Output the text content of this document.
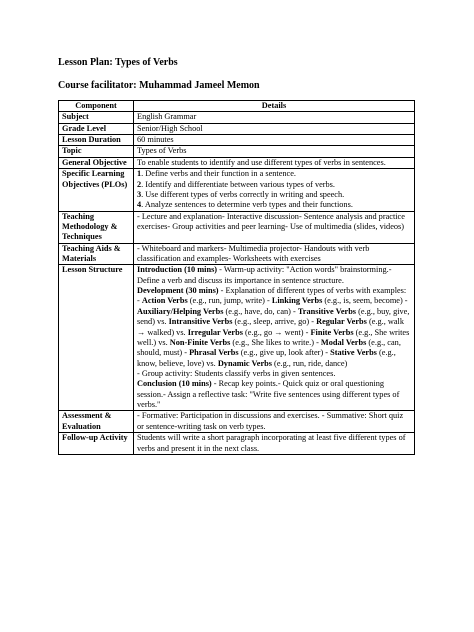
Lesson Plan: Types of Verbs

Course facilitator: Muhammad Jameel Memon

Component	Details
Subject	English Grammar
Grade Level	Senior/High School
Lesson Duration	60 minutes
Topic	Types of Verbs
General Objective	To enable students to identify and use different types of verbs in sentences.
Specific Learning Objectives (PLOs)	1. Define verbs and their function in a sentence.
2. Identify and differentiate between various types of verbs.
3. Use different types of verbs correctly in writing and speech.
4. Analyze sentences to determine verb types and their functions.

Teaching Methodology & Techniques	- Lecture and explanation- Interactive discussion- Sentence analysis and practice exercises- Group activities and peer learning- Use of multimedia (slides, videos)
Teaching Aids & Materials	- Whiteboard and markers- Multimedia projector- Handouts with verb classification and examples- Worksheets with exercises
Lesson Structure	Introduction (10 mins) - Warm-up activity: "Action words" brainstorming.- Define a verb and discuss its importance in sentence structure.
Development (30 mins) - Explanation of different types of verbs with examples: - Action Verbs (e.g., run, jump, write) - Linking Verbs (e.g., is, seem, become) - Auxiliary/Helping Verbs (e.g., have, do, can) - Transitive Verbs (e.g., buy, give, send) vs. Intransitive Verbs (e.g., sleep, arrive, go) - Regular Verbs (e.g., walk → walked) vs. Irregular Verbs (e.g., go → went) - Finite Verbs (e.g., She writes well.) vs. Non-Finite Verbs (e.g., She likes to write.) - Modal Verbs (e.g., can, should, must) - Phrasal Verbs (e.g., give up, look after) - Stative Verbs (e.g., know, believe, love) vs. Dynamic Verbs (e.g., run, ride, dance)
- Group activity: Students classify verbs in given sentences.
Conclusion (10 mins) - Recap key points.- Quick quiz or oral questioning session.- Assign a reflective task: "Write five sentences using different types of verbs."

Assessment & Evaluation	- Formative: Participation in discussions and exercises. - Summative: Short quiz or sentence-writing task on verb types.
Follow-up Activity	Students will write a short paragraph incorporating at least five different types of verbs and present it in the next class.
